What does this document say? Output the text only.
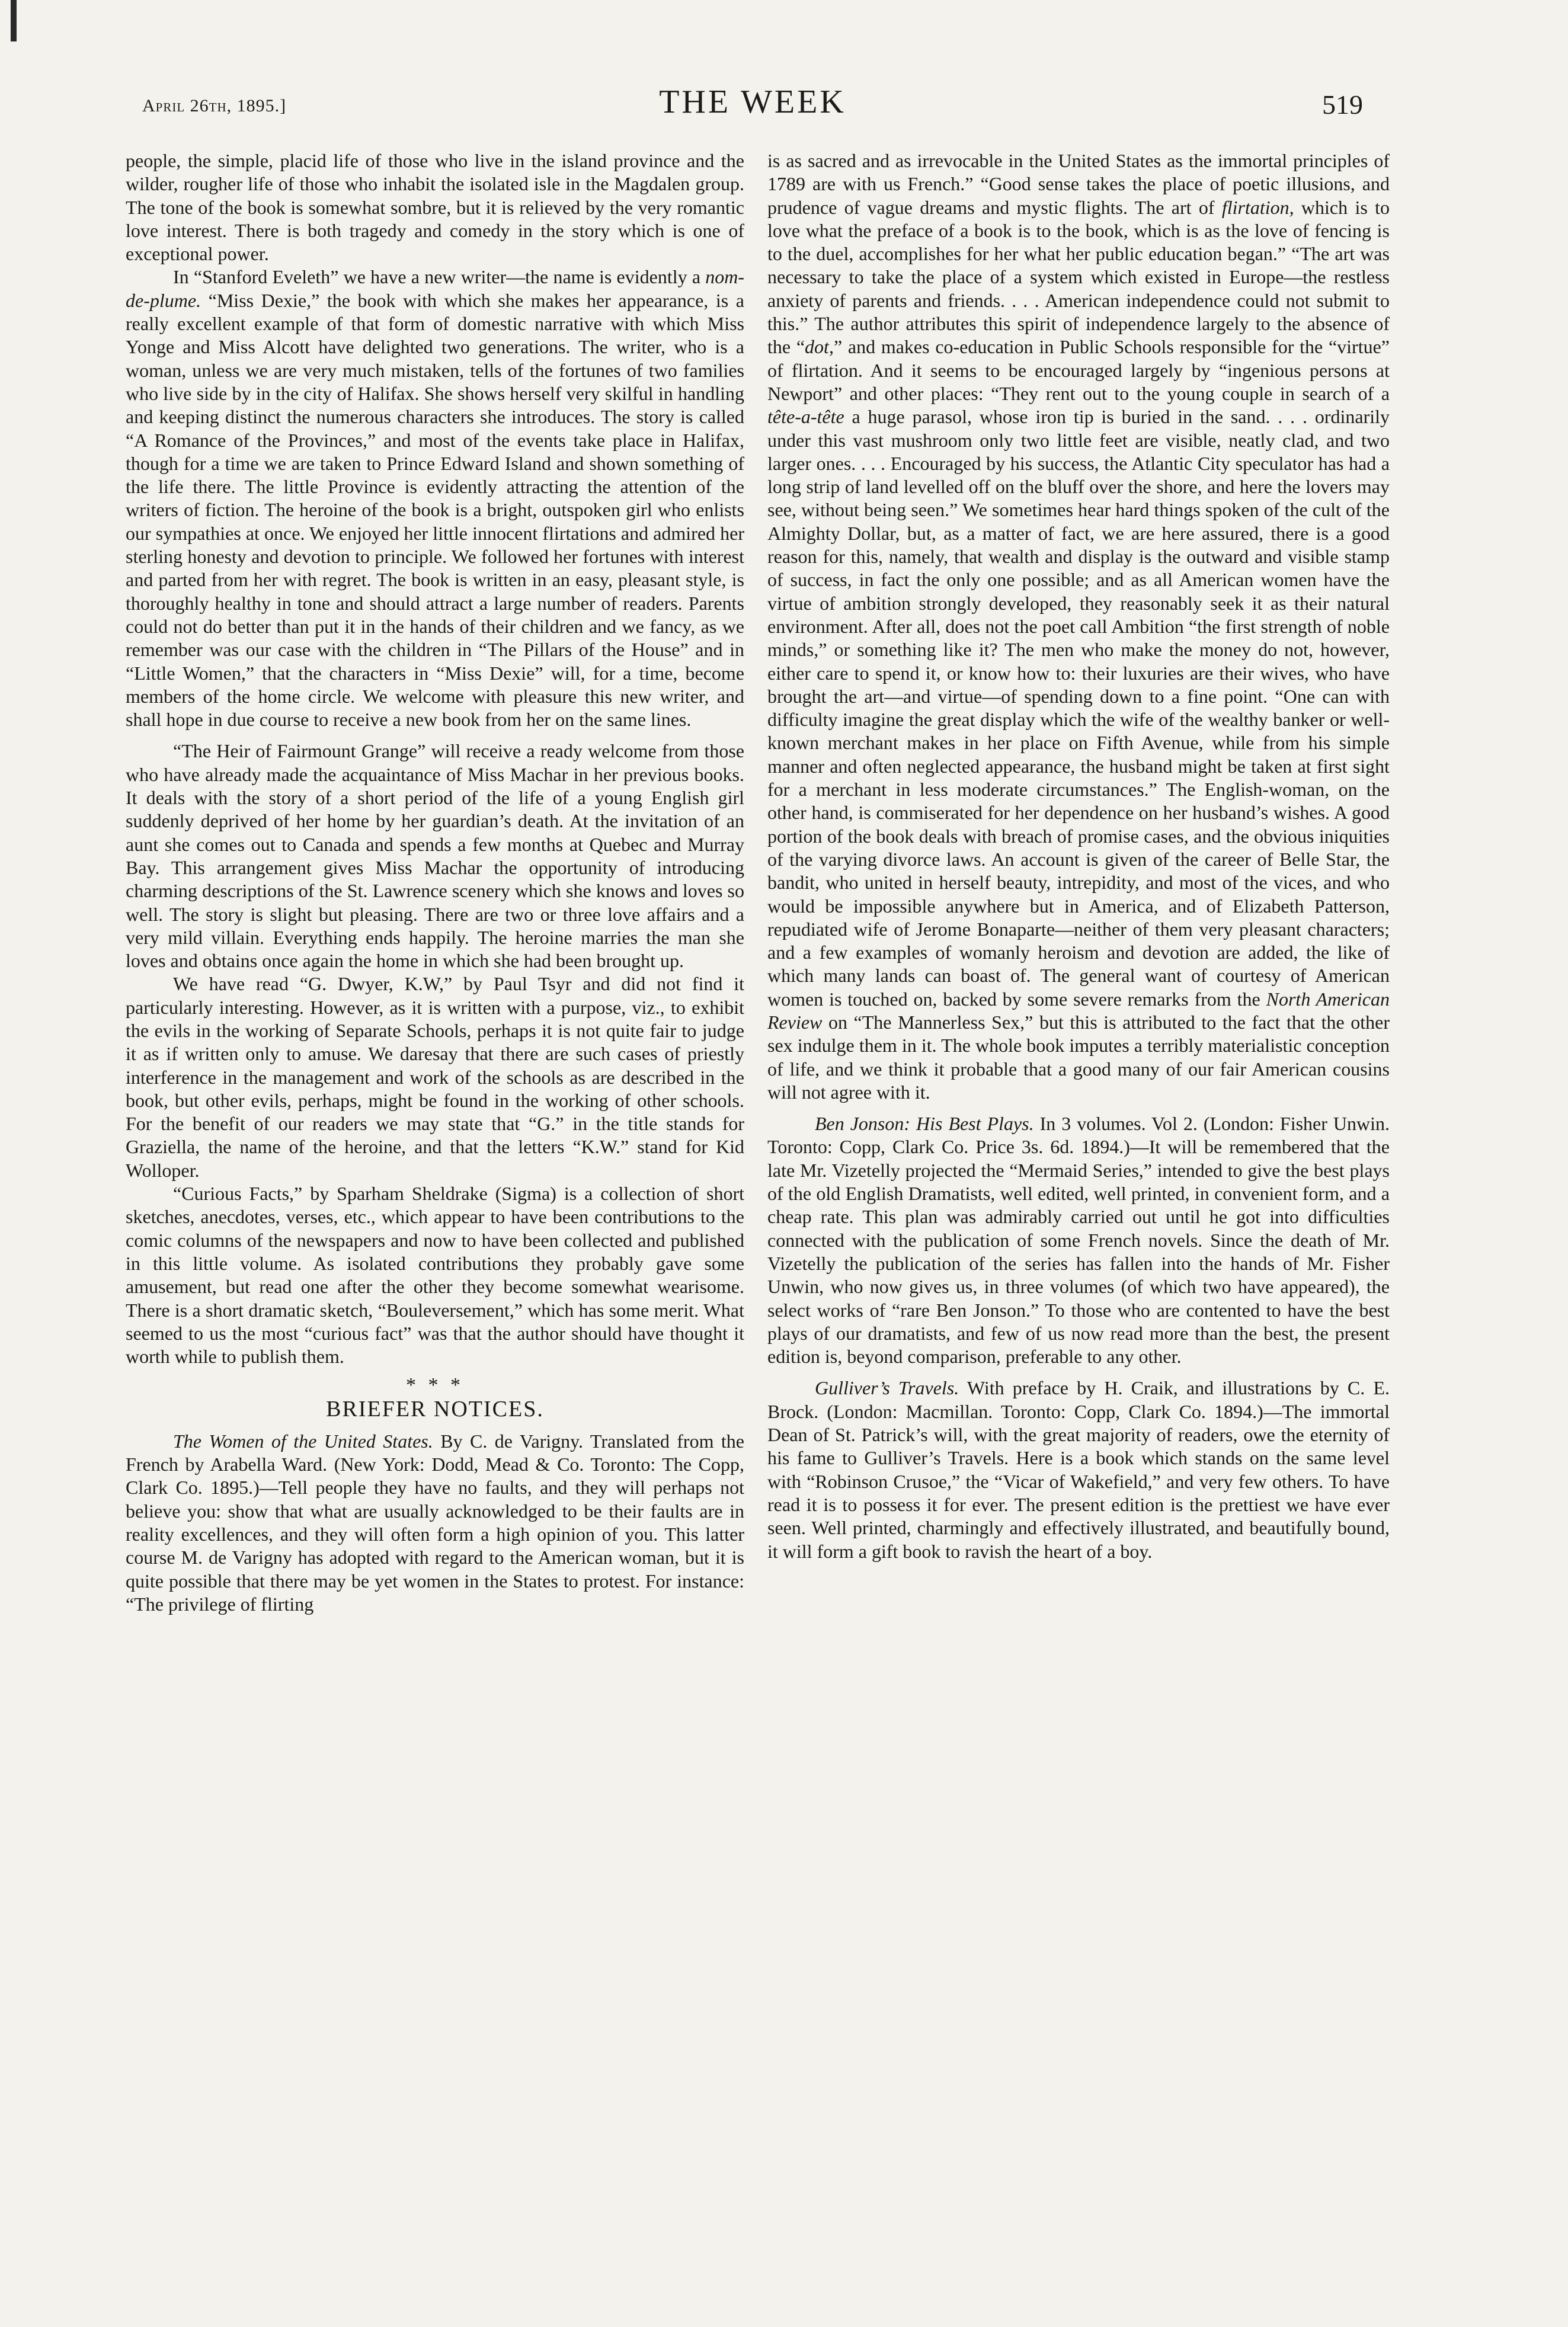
April 26th, 1895.]	THE WEEK	519

people, the simple, placid life of those who live in the island province and the wilder, rougher life of those who inhabit the isolated isle in the Magdalen group. The tone of the book is somewhat sombre, but it is relieved by the very romantic love interest. There is both tragedy and comedy in the story which is one of exceptional power.

In “Stanford Eveleth” we have a new writer—the name is evidently a nom-de-plume. “Miss Dexie,” the book with which she makes her appearance, is a really excellent example of that form of domestic narrative with which Miss Yonge and Miss Alcott have delighted two generations. The writer, who is a woman, unless we are very much mistaken, tells of the fortunes of two families who live side by in the city of Halifax. She shows herself very skilful in handling and keeping distinct the numerous characters she introduces. The story is called “A Romance of the Provinces,” and most of the events take place in Halifax, though for a time we are taken to Prince Edward Island and shown something of the life there. The little Province is evidently attracting the attention of the writers of fiction. The heroine of the book is a bright, outspoken girl who enlists our sympathies at once. We enjoyed her little innocent flirtations and admired her sterling honesty and devotion to principle. We followed her fortunes with interest and parted from her with regret. The book is written in an easy, pleasant style, is thoroughly healthy in tone and should attract a large number of readers. Parents could not do better than put it in the hands of their children and we fancy, as we remember was our case with the children in “The Pillars of the House” and in “Little Women,” that the characters in “Miss Dexie” will, for a time, become members of the home circle. We welcome with pleasure this new writer, and shall hope in due course to receive a new book from her on the same lines.

“The Heir of Fairmount Grange” will receive a ready welcome from those who have already made the acquaintance of Miss Machar in her previous books. It deals with the story of a short period of the life of a young English girl suddenly deprived of her home by her guardian’s death. At the invitation of an aunt she comes out to Canada and spends a few months at Quebec and Murray Bay. This arrangement gives Miss Machar the opportunity of introducing charming descriptions of the St. Lawrence scenery which she knows and loves so well. The story is slight but pleasing. There are two or three love affairs and a very mild villain. Everything ends happily. The heroine marries the man she loves and obtains once again the home in which she had been brought up.

We have read “G. Dwyer, K.W,” by Paul Tsyr and did not find it particularly interesting. However, as it is written with a purpose, viz., to exhibit the evils in the working of Separate Schools, perhaps it is not quite fair to judge it as if written only to amuse. We daresay that there are such cases of priestly interference in the management and work of the schools as are described in the book, but other evils, perhaps, might be found in the working of other schools. For the benefit of our readers we may state that “G.” in the title stands for Graziella, the name of the heroine, and that the letters “K.W.” stand for Kid Wolloper.

“Curious Facts,” by Sparham Sheldrake (Sigma) is a collection of short sketches, anecdotes, verses, etc., which appear to have been contributions to the comic columns of the newspapers and now to have been collected and published in this little volume. As isolated contributions they probably gave some amusement, but read one after the other they become somewhat wearisome. There is a short dramatic sketch, “Bouleversement,” which has some merit. What seemed to us the most “curious fact” was that the author should have thought it worth while to publish them.

* * *
BRIEFER NOTICES.

The Women of the United States. By C. de Varigny. Translated from the French by Arabella Ward. (New York: Dodd, Mead & Co. Toronto: The Copp, Clark Co. 1895.)—Tell people they have no faults, and they will perhaps not believe you: show that what are usually acknowledged to be their faults are in reality excellences, and they will often form a high opinion of you. This latter course M. de Varigny has adopted with regard to the American woman, but it is quite possible that there may be yet women in the States to protest. For instance: “The privilege of flirting

is as sacred and as irrevocable in the United States as the immortal principles of 1789 are with us French.” “Good sense takes the place of poetic illusions, and prudence of vague dreams and mystic flights. The art of flirtation, which is to love what the preface of a book is to the book, which is as the love of fencing is to the duel, accomplishes for her what her public education began.” “The art was necessary to take the place of a system which existed in Europe—the restless anxiety of parents and friends. . . . American independence could not submit to this.” The author attributes this spirit of independence largely to the absence of the “dot,” and makes co-education in Public Schools responsible for the “virtue” of flirtation. And it seems to be encouraged largely by “ingenious persons at Newport” and other places: “They rent out to the young couple in search of a tête-a-tête a huge parasol, whose iron tip is buried in the sand. . . . ordinarily under this vast mushroom only two little feet are visible, neatly clad, and two larger ones. . . . Encouraged by his success, the Atlantic City speculator has had a long strip of land levelled off on the bluff over the shore, and here the lovers may see, without being seen.” We sometimes hear hard things spoken of the cult of the Almighty Dollar, but, as a matter of fact, we are here assured, there is a good reason for this, namely, that wealth and display is the outward and visible stamp of success, in fact the only one possible; and as all American women have the virtue of ambition strongly developed, they reasonably seek it as their natural environment. After all, does not the poet call Ambition “the first strength of noble minds,” or something like it? The men who make the money do not, however, either care to spend it, or know how to: their luxuries are their wives, who have brought the art—and virtue—of spending down to a fine point. “One can with difficulty imagine the great display which the wife of the wealthy banker or well-known merchant makes in her place on Fifth Avenue, while from his simple manner and often neglected appearance, the husband might be taken at first sight for a merchant in less moderate circumstances.” The English-woman, on the other hand, is commiserated for her dependence on her husband’s wishes. A good portion of the book deals with breach of promise cases, and the obvious iniquities of the varying divorce laws. An account is given of the career of Belle Star, the bandit, who united in herself beauty, intrepidity, and most of the vices, and who would be impossible anywhere but in America, and of Elizabeth Patterson, repudiated wife of Jerome Bonaparte—neither of them very pleasant characters; and a few examples of womanly heroism and devotion are added, the like of which many lands can boast of. The general want of courtesy of American women is touched on, backed by some severe remarks from the North American Review on “The Mannerless Sex,” but this is attributed to the fact that the other sex indulge them in it. The whole book imputes a terribly materialistic conception of life, and we think it probable that a good many of our fair American cousins will not agree with it.

Ben Jonson: His Best Plays. In 3 volumes. Vol 2. (London: Fisher Unwin. Toronto: Copp, Clark Co. Price 3s. 6d. 1894.)—It will be remembered that the late Mr. Vizetelly projected the “Mermaid Series,” intended to give the best plays of the old English Dramatists, well edited, well printed, in convenient form, and a cheap rate. This plan was admirably carried out until he got into difficulties connected with the publication of some French novels. Since the death of Mr. Vizetelly the publication of the series has fallen into the hands of Mr. Fisher Unwin, who now gives us, in three volumes (of which two have appeared), the select works of “rare Ben Jonson.” To those who are contented to have the best plays of our dramatists, and few of us now read more than the best, the present edition is, beyond comparison, preferable to any other.

Gulliver’s Travels. With preface by H. Craik, and illustrations by C. E. Brock. (London: Macmillan. Toronto: Copp, Clark Co. 1894.)—The immortal Dean of St. Patrick’s will, with the great majority of readers, owe the eternity of his fame to Gulliver’s Travels. Here is a book which stands on the same level with “Robinson Crusoe,” the “Vicar of Wakefield,” and very few others. To have read it is to possess it for ever. The present edition is the prettiest we have ever seen. Well printed, charmingly and effectively illustrated, and beautifully bound, it will form a gift book to ravish the heart of a boy.
